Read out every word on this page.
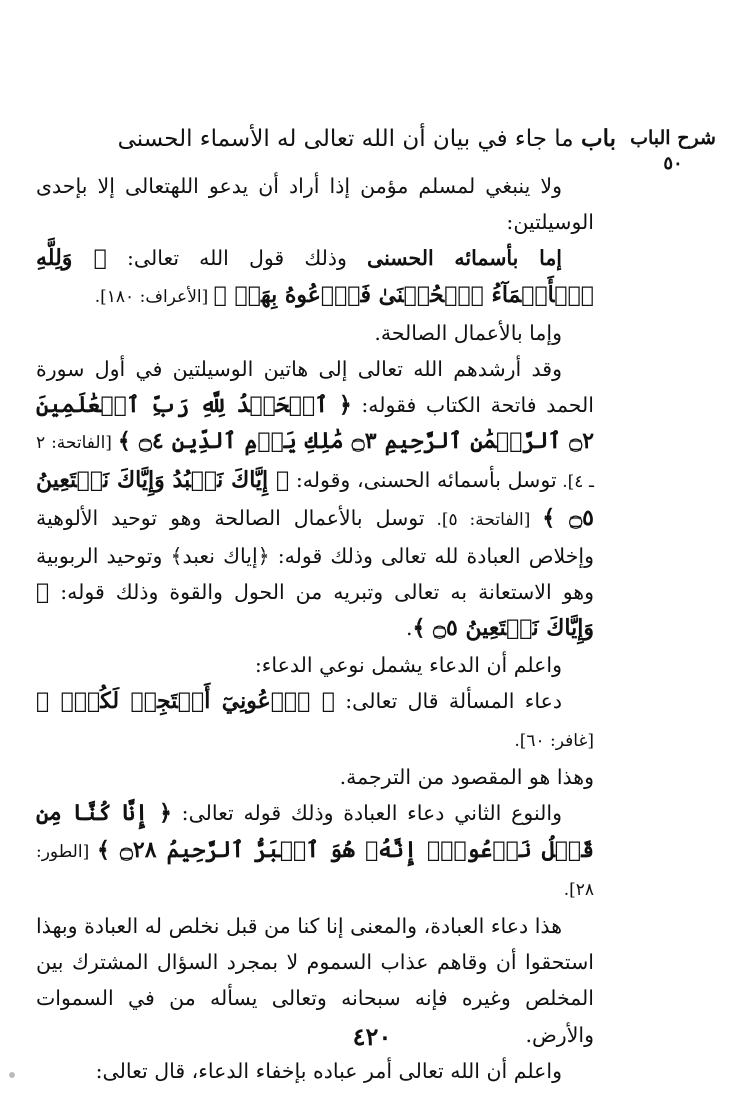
شرح الباب
٥٠
باب ما جاء في بيان أن الله تعالى له الأسماء الحسنى

ولا ينبغي لمسلم مؤمن إذا أراد أن يدعو اللهتعالى إلا بإحدى الوسيلتين:

إما بأسمائه الحسنى وذلك قول الله تعالى: ﴿ وَلِلَّهِ ٱلۡأَسۡمَآءُ ٱلۡحُسۡنَىٰ فَٱدۡعُوهُ بِهَاۖ ﴾ [الأعراف: ١٨٠].

وإما بالأعمال الصالحة.

وقد أرشدهم الله تعالى إلى هاتين الوسيلتين في أول سورة الحمد فاتحة الكتاب فقوله: ﴿ ٱلۡحَمۡدُ لِلَّهِ رَبِّ ٱلۡعَٰلَمِينَ ۝٢ ٱلرَّحۡمَٰنِ ٱلرَّحِيمِ ۝٣ مَٰلِكِ يَوۡمِ ٱلدِّينِ ۝٤ ﴾ [الفاتحة: ٢ ـ ٤]. توسل بأسمائه الحسنى، وقوله: ﴿ إِيَّاكَ نَعۡبُدُ وَإِيَّاكَ نَسۡتَعِينُ ۝٥ ﴾ [الفاتحة: ٥]. توسل بالأعمال الصالحة وهو توحيد الألوهية وإخلاص العبادة لله تعالى وذلك قوله: ﴿إياك نعبد﴾ وتوحيد الربوبية وهو الاستعانة به تعالى وتبريه من الحول والقوة وذلك قوله: ﴿ وَإِيَّاكَ نَسۡتَعِينُ ۝٥ ﴾.

واعلم أن الدعاء يشمل نوعي الدعاء:

دعاء المسألة قال تعالى: ﴿ ٱدۡعُونِيٓ أَسۡتَجِبۡ لَكُمۡۚ ﴾ [غافر: ٦٠].

وهذا هو المقصود من الترجمة.

والنوع الثاني دعاء العبادة وذلك قوله تعالى: ﴿ إِنَّا كُنَّا مِن قَبۡلُ نَدۡعُوهُۖ إِنَّهُۥ هُوَ ٱلۡبَرُّ ٱلرَّحِيمُ ۝٢٨ ﴾ [الطور: ٢٨].

هذا دعاء العبادة، والمعنى إنا كنا من قبل نخلص له العبادة وبهذا استحقوا أن وقاهم عذاب السموم لا بمجرد السؤال المشترك بين المخلص وغيره فإنه سبحانه وتعالى يسأله من في السموات والأرض.

واعلم أن الله تعالى أمر عباده بإخفاء الدعاء، قال تعالى:

٤٢٠
